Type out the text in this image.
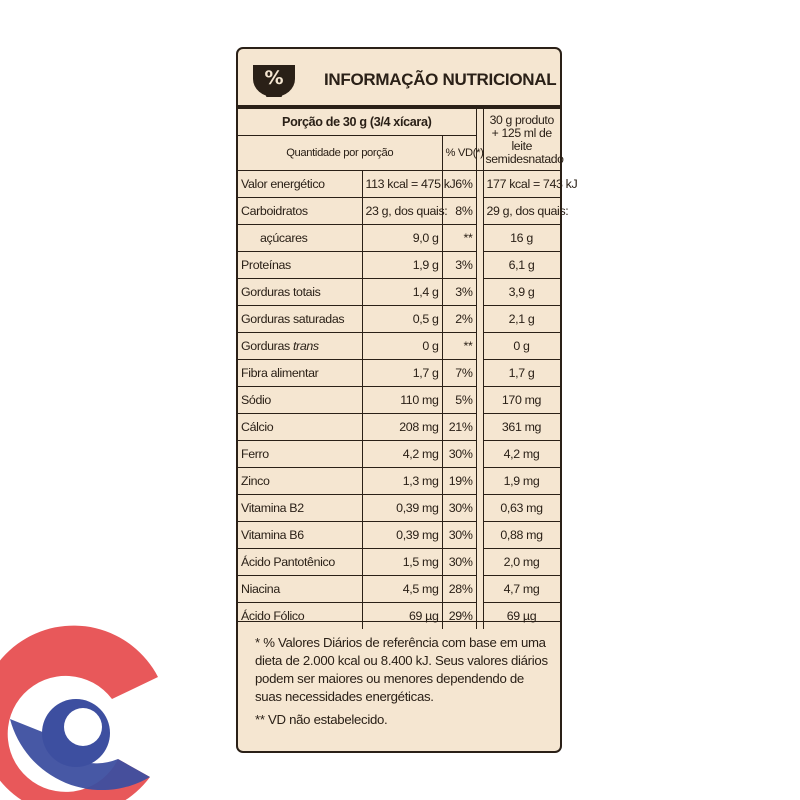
% INFORMAÇÃO NUTRICIONAL
Porção de 30 g (3/4 xícara)				30 g produto + 125 ml de leite semidesnatado
Quantidade por porção		% VD(*)		
Valor energético	113 kcal = 475 kJ	6%		177 kcal = 743 kJ
Carboidratos	23 g, dos quais:	8%		29 g, dos quais:
açúcares	9,0 g	**		16 g
Proteínas	1,9 g	3%		6,1 g
Gorduras totais	1,4 g	3%		3,9 g
Gorduras saturadas	0,5 g	2%		2,1 g
Gorduras trans	0 g	**		0 g
Fibra alimentar	1,7 g	7%		1,7 g
Sódio	110 mg	5%		170 mg
Cálcio	208 mg	21%		361 mg
Ferro	4,2 mg	30%		4,2 mg
Zinco	1,3 mg	19%		1,9 mg
Vitamina B2	0,39 mg	30%		0,63 mg
Vitamina B6	0,39 mg	30%		0,88 mg
Ácido Pantotênico	1,5 mg	30%		2,0 mg
Niacina	4,5 mg	28%		4,7 mg
Ácido Fólico	69 µg	29%		69 µg

* % Valores Diários de referência com base em uma dieta de 2.000 kcal ou 8.400 kJ. Seus valores diários podem ser maiores ou menores dependendo de suas necessidades energéticas.

** VD não estabelecido.
